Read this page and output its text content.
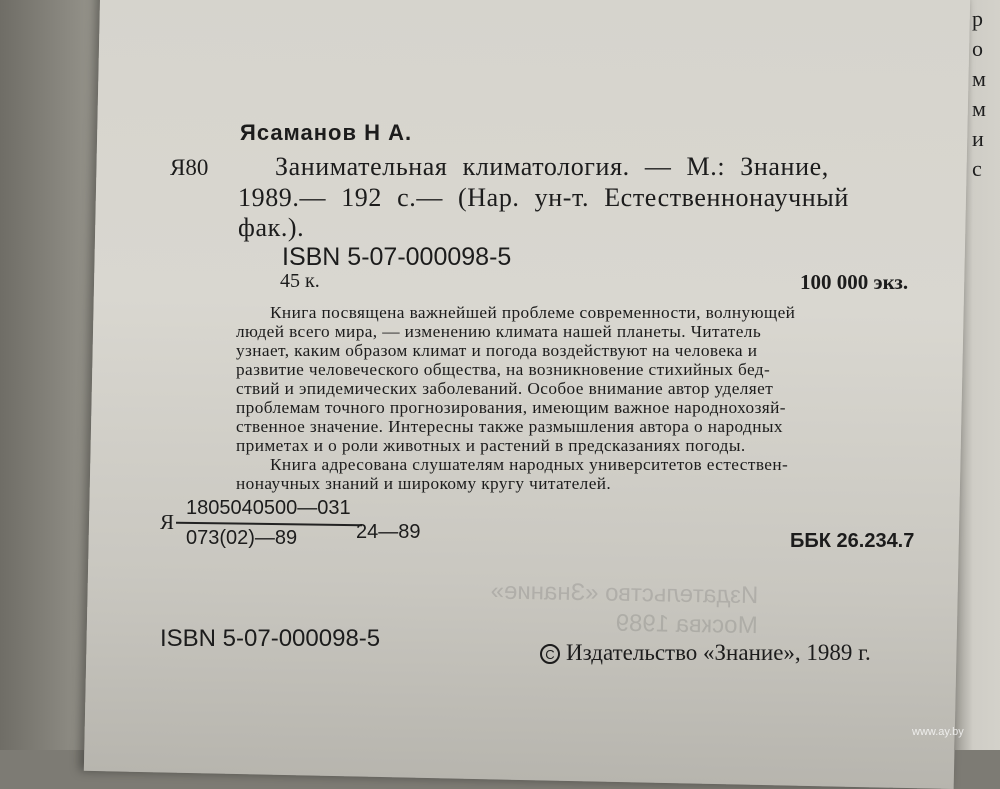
р
о
м
м
и
с
Издательство «Знание»
Москва 1989
Ясаманов Н А.
Я80	Занимательная климатология. — М.: Знание,
1989.— 192 с.— (Нар. ун-т. Естественнонаучный
фак.).
ISBN 5-07-000098-5
45 к.	100 000 экз.
Книга посвящена важнейшей проблеме современности, волнующей
людей всего мира, — изменению климата нашей планеты. Читатель
узнает, каким образом климат и погода воздействуют на человека и
развитие человеческого общества, на возникновение стихийных бед-
ствий и эпидемических заболеваний. Особое внимание автор уделяет
проблемам точного прогнозирования, имеющим важное народнохозяй-
ственное значение. Интересны также размышления автора о народных
приметах и о роли животных и растений в предсказаниях погоды.
Книга адресована слушателям народных университетов естествен-
нонаучных знаний и широкому кругу читателей.
Я
1805040500—031
073(02)—89	24—89	ББК 26.234.7
ISBN 5-07-000098-5
C Издательство «Знание», 1989 г.
www.ay.by
